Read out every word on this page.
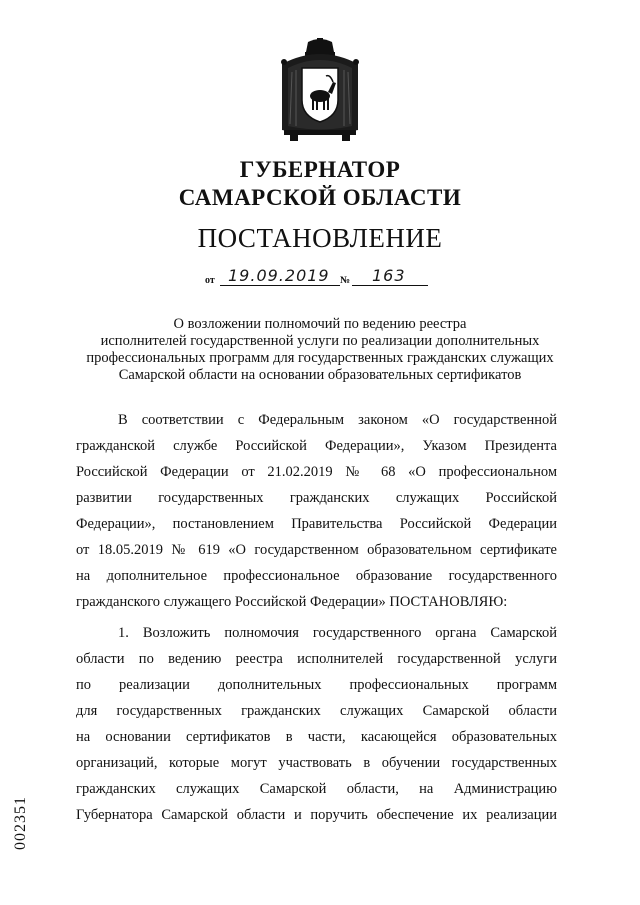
ГУБЕРНАТОР
САМАРСКОЙ ОБЛАСТИ
ПОСТАНОВЛЕНИЕ
от 19.09.2019 № 163
О возложении полномочий по ведению реестра
исполнителей государственной услуги по реализации дополнительных
профессиональных программ для государственных гражданских служащих
Самарской области на основании образовательных сертификатов
В соответствии с Федеральным законом «О государственной
гражданской службе Российской Федерации», Указом Президента
Российской Федерации от 21.02.2019 № 68 «О профессиональном
развитии государственных гражданских служащих Российской
Федерации», постановлением Правительства Российской Федерации
от 18.05.2019 № 619 «О государственном образовательном сертификате
на дополнительное профессиональное образование государственного
гражданского служащего Российской Федерации» ПОСТАНОВЛЯЮ:
1. Возложить полномочия государственного органа Самарской
области по ведению реестра исполнителей государственной услуги
по реализации дополнительных профессиональных программ
для государственных гражданских служащих Самарской области
на основании сертификатов в части, касающейся образовательных
организаций, которые могут участвовать в обучении государственных
гражданских служащих Самарской области, на Администрацию
Губернатора Самарской области и поручить обеспечение их реализации
002351
